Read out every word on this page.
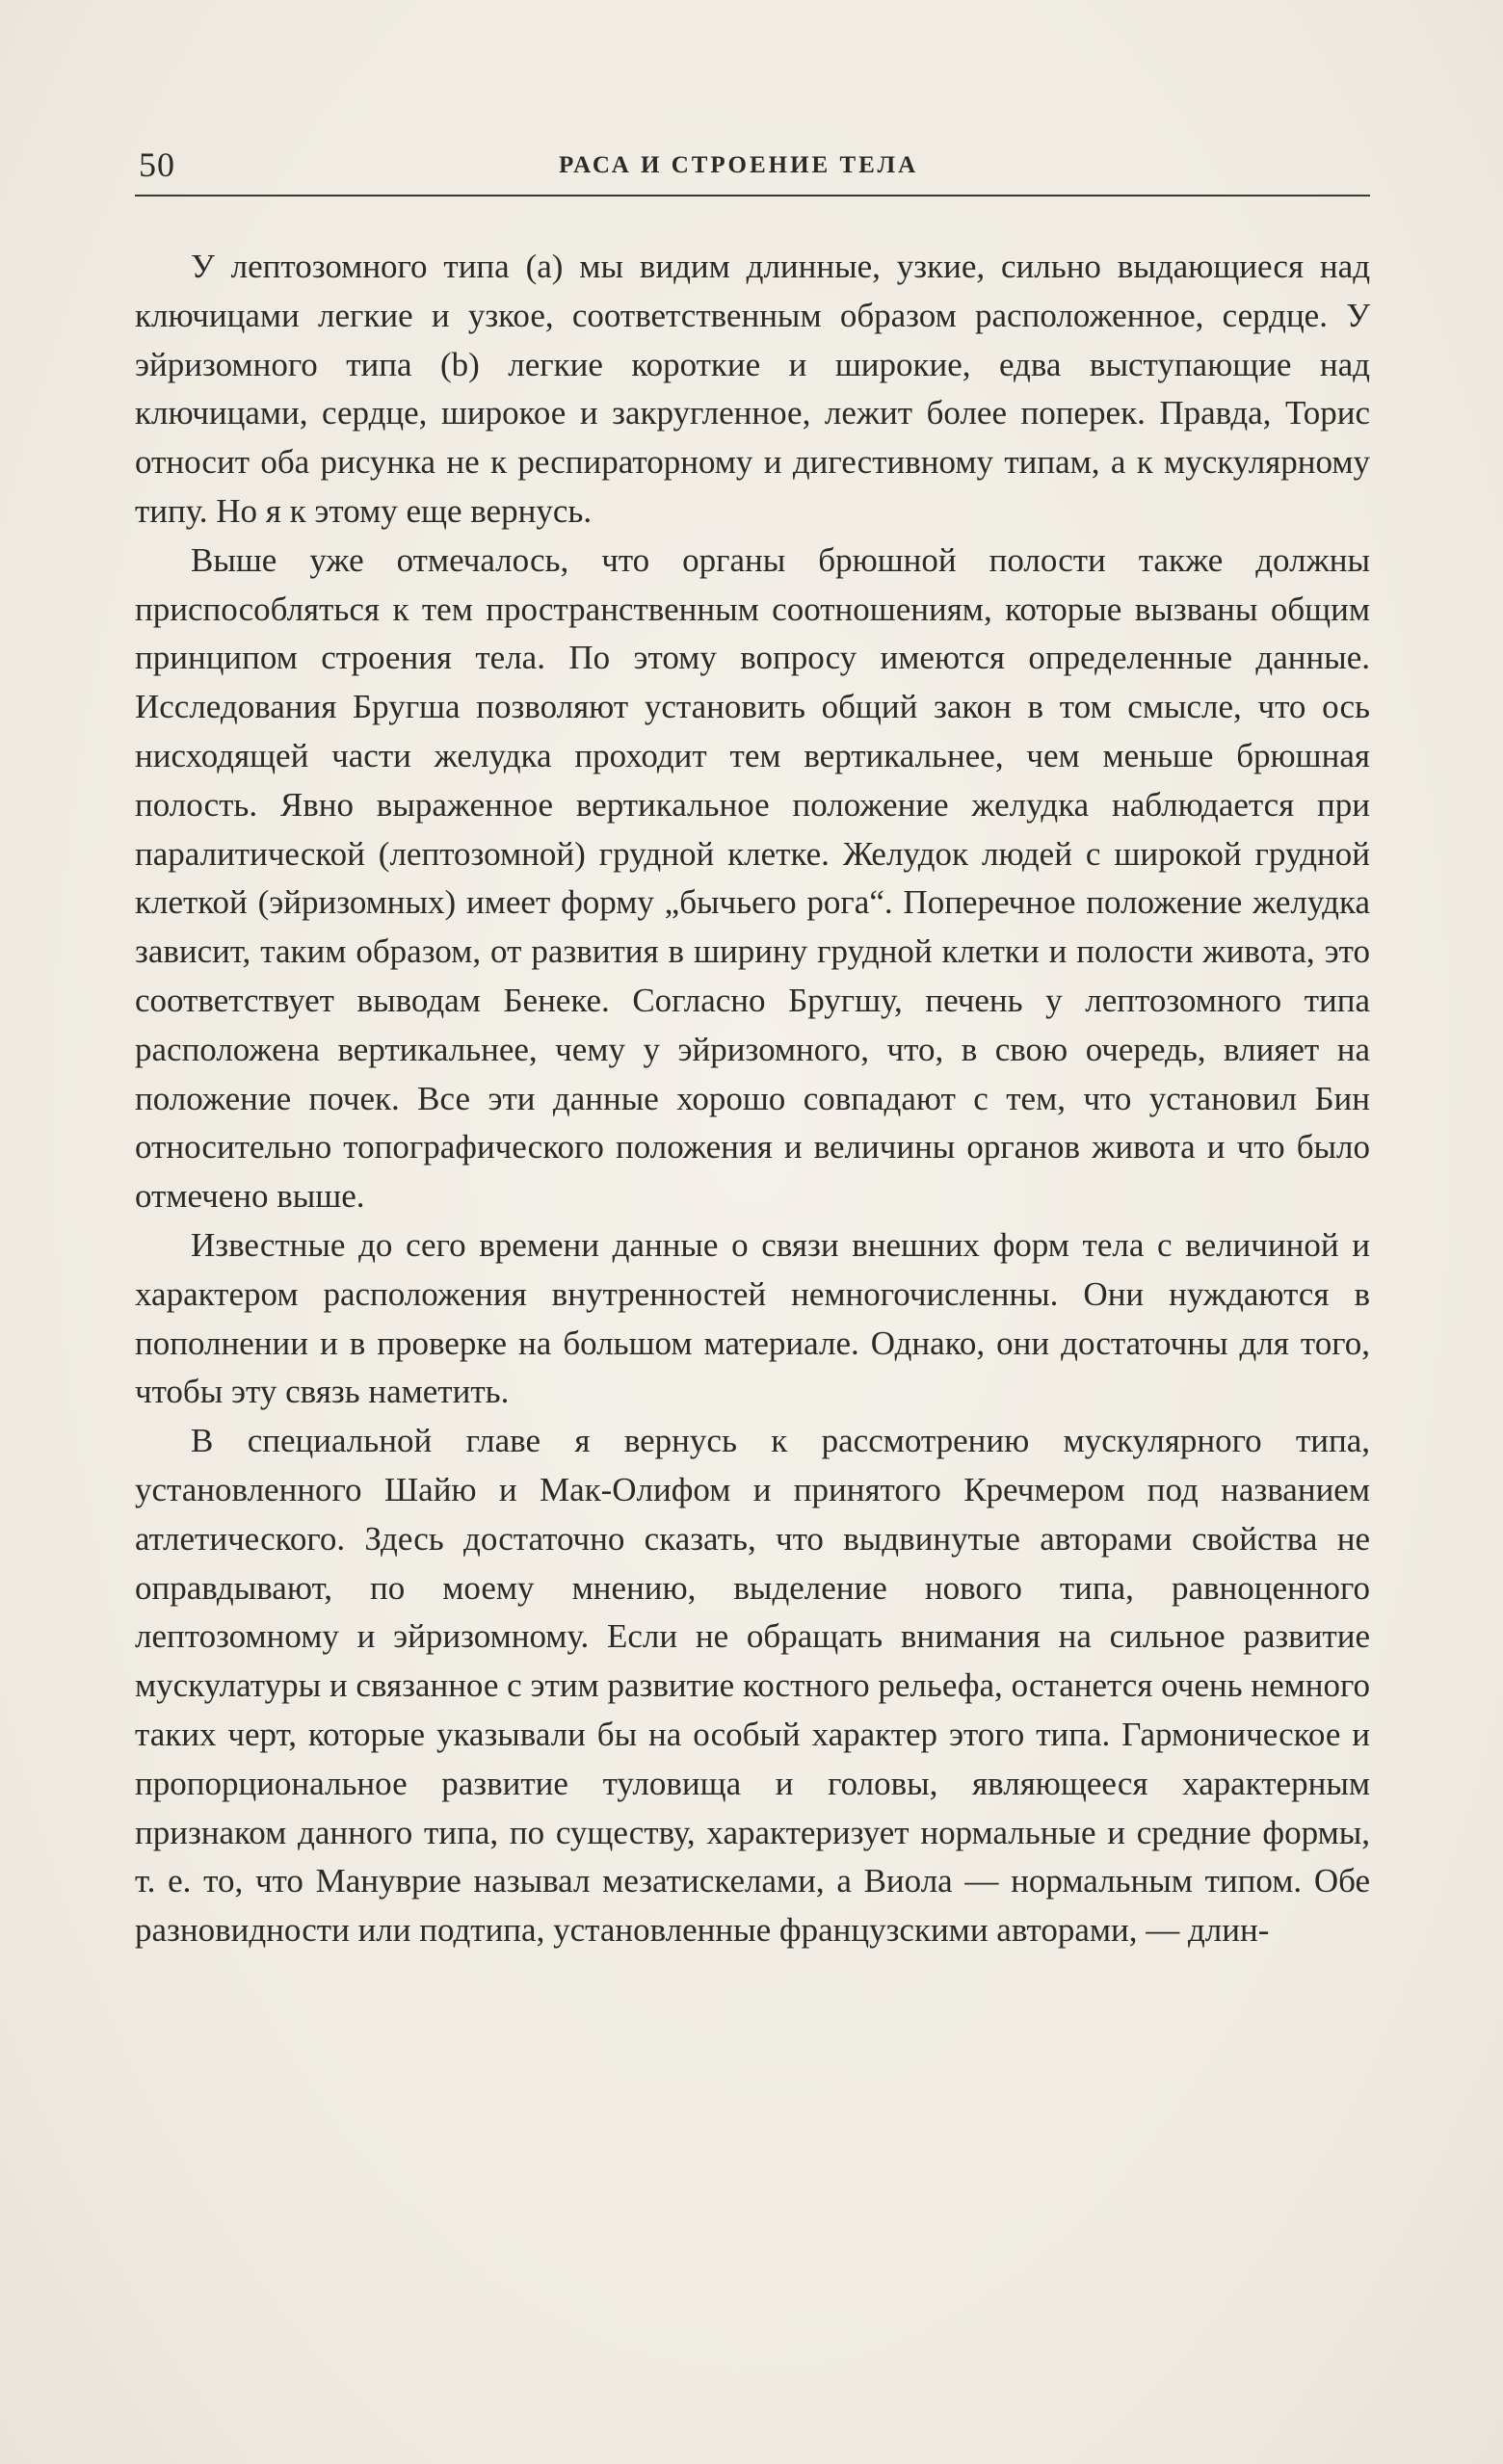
50	РАСА И СТРОЕНИЕ ТЕЛА

У лептозомного типа (a) мы видим длинные, узкие, сильно выдающиеся над ключицами легкие и узкое, соответственным образом расположенное, сердце. У эйризомного типа (b) легкие короткие и широкие, едва выступающие над ключицами, сердце, широкое и закругленное, лежит более поперек. Правда, Торис относит оба рисунка не к респираторному и дигестивному типам, а к мускулярному типу. Но я к этому еще вернусь.

Выше уже отмечалось, что органы брюшной полости также должны приспособляться к тем пространственным соотношениям, которые вызваны общим принципом строения тела. По этому вопросу имеются определенные данные. Исследования Бругша позволяют установить общий закон в том смысле, что ось нисходящей части желудка проходит тем вертикальнее, чем меньше брюшная полость. Явно выраженное вертикальное положение желудка наблюдается при паралитической (лептозомной) грудной клетке. Желудок людей с широкой грудной клеткой (эйризомных) имеет форму „бычьего рога“. Поперечное положение желудка зависит, таким образом, от развития в ширину грудной клетки и полости живота, это соответствует выводам Бенеке. Согласно Бругшу, печень у лептозомного типа расположена вертикальнее, чему у эйризомного, что, в свою очередь, влияет на положение почек. Все эти данные хорошо совпадают с тем, что установил Бин относительно топографического положения и величины органов живота и что было отмечено выше.

Известные до сего времени данные о связи внешних форм тела с величиной и характером расположения внутренностей немногочисленны. Они нуждаются в пополнении и в проверке на большом материале. Однако, они достаточны для того, чтобы эту связь наметить.

В специальной главе я вернусь к рассмотрению мускулярного типа, установленного Шайю и Мак-Олифом и принятого Кречмером под названием атлетического. Здесь достаточно сказать, что выдвинутые авторами свойства не оправдывают, по моему мнению, выделение нового типа, равноценного лептозомному и эйризомному. Если не обращать внимания на сильное развитие мускулатуры и связанное с этим развитие костного рельефа, останется очень немного таких черт, которые указывали бы на особый характер этого типа. Гармоническое и пропорциональное развитие туловища и головы, являющееся характерным признаком данного типа, по существу, характеризует нормальные и средние формы, т. е. то, что Мануврие называл мезатискелами, а Виола — нормальным типом. Обе разновидности или подтипа, установленные французскими авторами, — длин-
